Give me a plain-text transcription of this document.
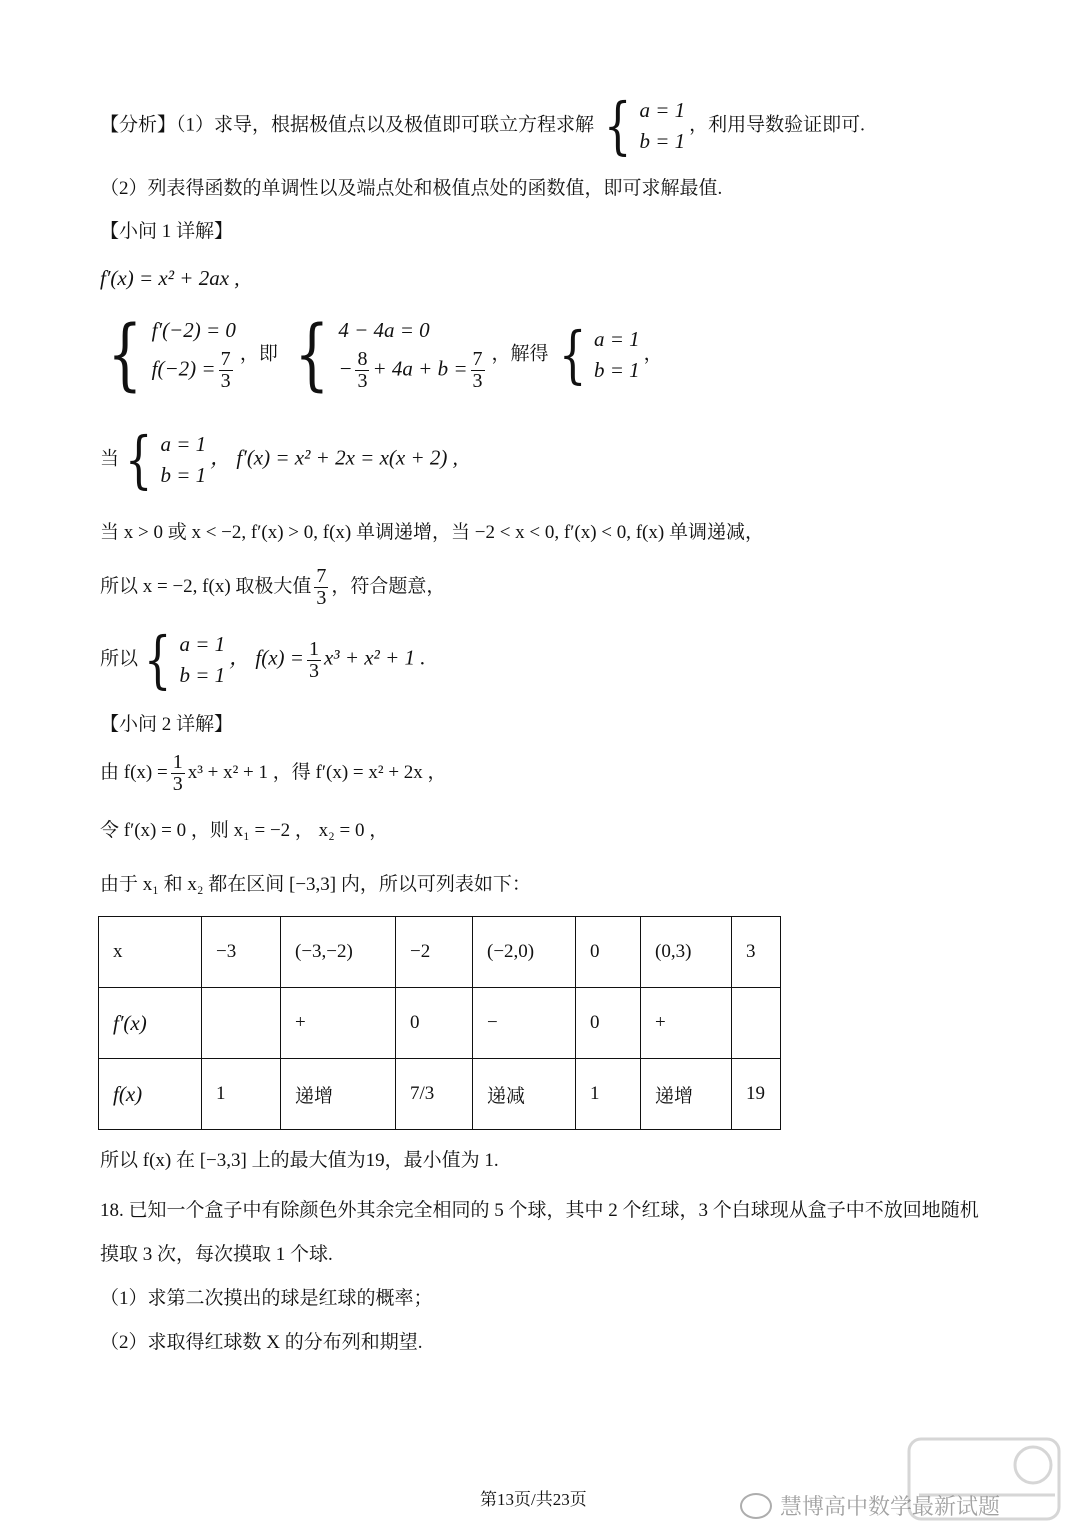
【分析】（1）求导，根据极值点以及极值即可联立方程求解 { a = 1
b = 1
，利用导数验证即可.
（2）列表得函数的单调性以及端点处和极值点处的函数值，即可求解最值.
【小问 1 详解】
f′(x) = x² + 2ax ,
{ f′(−2) = 0
$f(-2) = \frac{7}{3}$ ，即 { 4 − 4a = 0
− $\frac{8}{3} + 4a + b = \frac{7}{3}$ ，解得 { a = 1
b = 1
，
当 { a = 1
b = 1
， f′(x) = x² + 2x = x(x + 2) ,
当 x > 0 或 x < −2, f′(x) > 0, f(x) 单调递增，当 −2 < x < 0, f′(x) < 0, f(x) 单调递减，
所以 x = −2, f(x) 取极大值 $\frac{7}{3}$ ，符合题意，
所以 { a = 1
b = 1
， $f(x) = \frac{1}{3} x^3 + x^2 + 1$ .
【小问 2 详解】
由 $f(x) = \frac{1}{3} x^3 + x^2 + 1$ ，得 f′(x) = x² + 2x ，
令 f′(x) = 0 ，则 x₁ = −2 ， x₂ = 0 ，
由于 x₁ 和 x₂ 都在区间 [−3,3] 内，所以可列表如下：
x	−3	(−3,−2)	−2	(−2,0)	0	(0,3)	3
f′(x)		+	0	−	0	+	
f(x)	1	递增	7/3	递减	1	递增	19
所以 f(x) 在 [−3,3] 上的最大值为19，最小值为 1.
18. 已知一个盒子中有除颜色外其余完全相同的 5 个球，其中 2 个红球，3 个白球现从盒子中不放回地随机
摸取 3 次，每次摸取 1 个球.
（1）求第二次摸出的球是红球的概率；
（2）求取得红球数 X 的分布列和期望.
第13页/共23页	慧博高中数学最新试题
